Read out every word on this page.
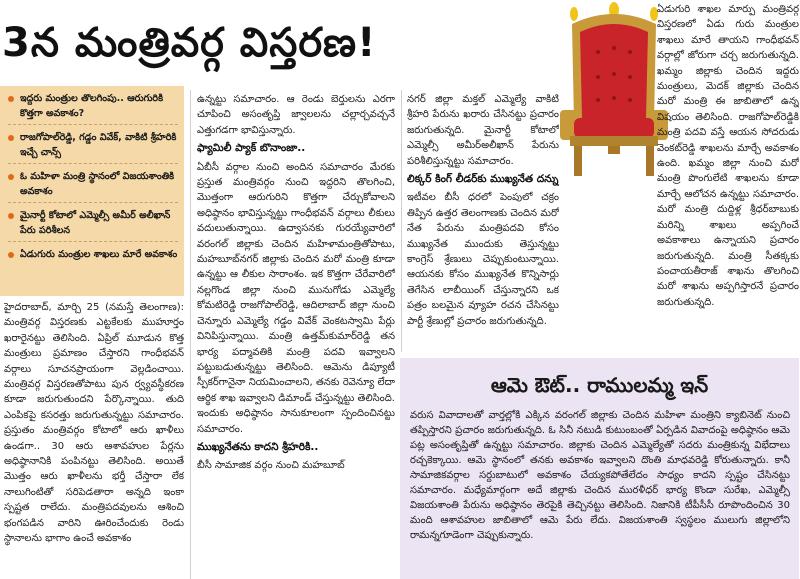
3న మంత్రివర్గ విస్తరణ!
ఇద్దరు మంత్రుల తొలగింపు.. ఆరుగురికి కొత్తగా అవకాశం?
రాజగోపాల్‌రెడ్డి, గడ్డం వివేక్, వాకిటి శ్రీహరికి ఇచ్చే చాన్స్
ఓ మహిళా మంత్రి స్థానంలో విజయశాంతికి అవకాశం
మైనార్టీ కోటాలో ఎమ్మెల్సీ అమీర్ అలీఖాన్ పేరు పరిశీలన
ఏడుగురు మంత్రుల శాఖలు మారే అవకాశం

హైదరాబాద్, మార్చి 25 (నమస్తే తెలంగాణ): మంత్రివర్గ విస్తరణకు ఎట్టకేలకు ముహూర్తం ఖరారైనట్టు తెలిసింది. ఏప్రిల్ మూడున కొత్త మంత్రులు ప్రమాణం చేస్తారని గాంధీభవన్ వర్గాలు సూచనప్రాయంగా వెల్లడించాయి. మంత్రివర్గ విస్తరణతోపాటు పున ర్వ్యవస్థీకరణ కూడా జరుగుతుందని పేర్కొన్నాయి. తుది ఎంపికపై కసరత్తు జరుగుతున్నట్టు సమాచారం. ప్రస్తుతం మంత్రివర్గం కోటాలో ఆరు ఖాళీలు ఉండగా.. 30 ఆరు ఆశావహుల పేర్లను అధిష్ఠానానికి పంపినట్టు తెలిసింది. అయితే మొత్తం ఆరు ఖాళీలను భర్తీ చేస్తారా లేక నాలుగింటితో సరిపెడతారా అన్నది ఇంకా స్పష్టత రాలేదు. మంత్రిపదవులను ఆశించి భంగపడిన వారిని ఊరించేందుకు రెండు స్థానాలను భాగాం ఉంచే అవకాశం

ఉన్నట్టు సమాచారం. ఆ రెండు బెర్తులను ఎరగా చూపించి అసంతృప్తి జ్వాలలను చల్లార్చవచ్చనే ఎత్తుగడగా భావిస్తున్నారు.

ఫ్యామిలీ ప్యాక్ బొనాంజా..

ఏబీసీ వర్గాల నుంచి అందిన సమాచారం మేరకు ప్రస్తుత మంత్రివర్గం నుంచి ఇద్దరిని తొలగించి, మొత్తంగా ఆరుగురిని కొత్తగా చేర్చుకోవాలని అధిష్ఠానం భావిస్తున్నట్టు గాంధీభవన్ వర్గాలు లీకులు వదులుతున్నాయి. ఉద్వాసనకు గురయ్యేవారిలో వరంగల్ జిల్లాకు చెందిన మహిళామంత్రితోపాటు, మహబూబ్‌నగర్ జిల్లాకు చెందిన మరో మంత్రి కూడా ఉన్నట్టు ఆ లీకుల సారాంశం. ఇక కొత్తగా చేరేవారిలో నల్లగొండ జిల్లా నుంచి మునుగోడు ఎమ్మెల్యే కోమటిరెడ్డి రాజగోపాల్‌రెడ్డి, ఆదిలాబాద్ జిల్లా నుంచి చెన్నూరు ఎమ్మెల్యే గడ్డం వివేక్ వెంకటస్వామి పేర్లు వినిపిస్తున్నాయి. మంత్రి ఉత్తమ్‌కుమార్‌రెడ్డి తన భార్య పద్మావతికి మంత్రి పదవి ఇవ్వాలని పట్టుబడుతున్నట్టు తెలిసింది. ఆమెను డిప్యూటీ స్పీకర్‌గానైనా నియమించాలని, తనకు రెవెన్యూ లేదా ఆర్థిక శాఖ ఇవ్వాలని డిమాండ్ చేస్తున్నట్టు తెలిసింది. ఇందుకు అధిష్ఠానం సానుకూలంగా స్పందించినట్టు సమాచారం.

ముఖ్యనేతను కాదని శ్రీహరికి..

బీసీ సామాజిక వర్గం నుంచి మహబూబ్

నగర్ జిల్లా మక్తల్ ఎమ్మెల్యే వాకిటి శ్రీహరి పేరును ఖరారు చేసినట్టు ప్రచారం జరుగుతున్నది. మైనార్టీ కోటాలో ఎమ్మెల్సీ అమీర్‌అలీఖాన్ పేరును పరిశీలిస్తున్నట్టు సమాచారం.

లిక్కర్ కింగ్ లీడర్‌కు ముఖ్యనేత దన్ను

ఇటీవల బీసీ ధరలో పెంపులో చక్రం తిప్పిన ఉత్తర తెలంగాణకు చెందిన మరో నేత పేరును మంత్రిపదవి కోసం ముఖ్యనేత ముందుకు తెస్తున్నట్టు కాంగ్రెస్ శ్రేణులు చెప్పుకుంటున్నాయి. ఆయనకు కోసం ముఖ్యనేత కొన్నిసార్లు తెగేసిన లాబీయింగ్ చేస్తున్నారని ఒక పత్రం బలమైన వ్యూహ రచన చేసినట్టు పార్టీ శ్రేణుల్లో ప్రచారం జరుగుతున్నది.

ఏడుగురి శాఖల మార్పు మంత్రివర్గ విస్తరణలో ఏడు గురు మంత్రుల శాఖలు మారే తాయని గాంధీభవన్ వర్గాల్లో జోరుగా చర్చ జరుగుతున్నది. ఖమ్మం జిల్లాకు చెందిన ఇద్దరు మంత్రులు, మెదక్ జిల్లాకు చెందిన మరో మంత్రి ఈ జాబితాలో ఉన్న విషయం తెలిసింది. రాజగోపాల్‌రెడ్డికి మంత్రి పదవి వస్తే ఆయన సోదరుడు వెంకట్‌రెడ్డి శాఖలను మార్చే అవకాశం ఉంది. ఖమ్మం జిల్లా నుంచి మరో మంత్రి పొంగులేటి శాఖలను కూడా మార్చే ఆలోచన ఉన్నట్టు సమాచారం. మరో మంత్రి దుద్దిళ్ల శ్రీధర్‌బాబుకు మరిన్ని శాఖలు అప్పగించే అవకాశాలు ఉన్నాయని ప్రచారం జరుగుతున్నది. మంత్రి సీతక్కకు పంచాయతీరాజ్ శాఖను తొలగించి మరో శాఖను అప్పగిస్తారనే ప్రచారం జరుగుతున్నది.

ఆమె ఔట్.. రాములమ్మ ఇన్
వరుస వివాదాలతో వార్తల్లోకి ఎక్కిన వరంగల్ జిల్లాకు చెందిన మహిళా మంత్రిని క్యాబినెట్ నుంచి తప్పిస్తారని ప్రచారం జరుగుతున్నది. ఓ సినీ నటుడి కుటుంబంతో ఏర్పడిన వివాదంపై అధిష్ఠానం ఆమె పట్ల అసంతృప్తితో ఉన్నట్టు సమాచారం. జిల్లాకు చెందిన ఎమ్మెల్యేతో సదరు మంత్రికున్న విభేదాలు రచ్చకెక్కాయి. ఆమె స్థానంలో తనకు అవకాశం ఇవ్వాలని దొంతి మాధవరెడ్డి కోరుతున్నారు. కానీ సామాజికవర్గాల సర్దుబాటులో అవకాశం చేయ్యకపోతేలేదం సాధ్యం కాదని స్పష్టం చేసినట్టు సమాచారం. మధ్యేమార్గంగా అదే జిల్లాకు చెందిన మురళీధర్ భార్య కొండా సురేఖ, ఎమ్మెల్సీ విజయశాంతి పేరును అధిష్ఠానం తెరపైకి తెచ్చినట్టు తెలిసింది. నిజానికి టీపీసీసీ రూపొందించిన 30 మంది ఆశావహుల జాబితాలో ఆమె పేరు లేదు. విజయశాంతి స్వస్థలం ములుగు జిల్లాలోని రామన్నగూడెంగా చెప్పుకున్నారు.
